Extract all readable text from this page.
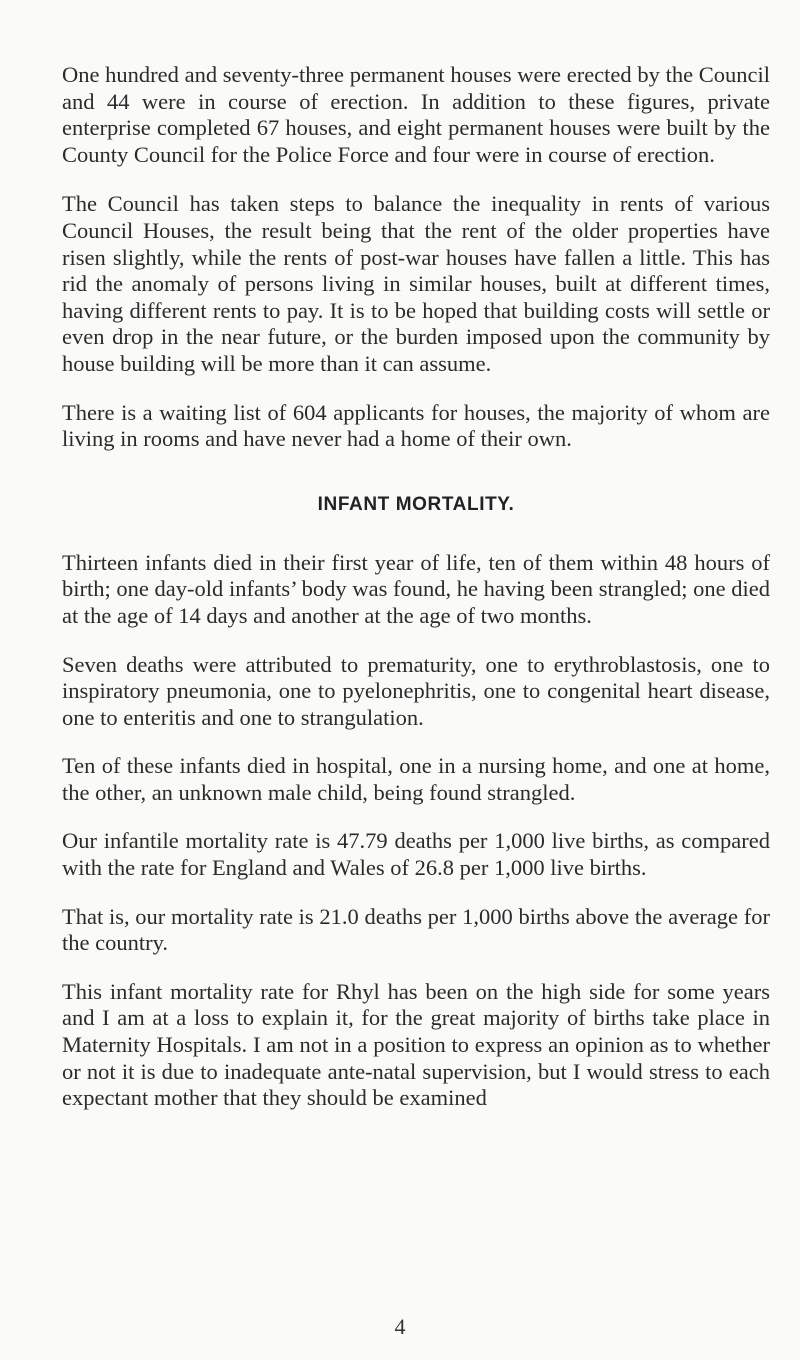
One hundred and seventy-three permanent houses were erected by the Council and 44 were in course of erection. In addition to these figures, private enterprise completed 67 houses, and eight permanent houses were built by the County Council for the Police Force and four were in course of erection.

The Council has taken steps to balance the inequality in rents of various Council Houses, the result being that the rent of the older properties have risen slightly, while the rents of post-war houses have fallen a little. This has rid the anomaly of persons living in similar houses, built at different times, having different rents to pay. It is to be hoped that building costs will settle or even drop in the near future, or the burden imposed upon the community by house building will be more than it can assume.

There is a waiting list of 604 applicants for houses, the majority of whom are living in rooms and have never had a home of their own.

INFANT MORTALITY.

Thirteen infants died in their first year of life, ten of them within 48 hours of birth; one day-old infants’ body was found, he having been strangled; one died at the age of 14 days and another at the age of two months.

Seven deaths were attributed to prematurity, one to erythroblastosis, one to inspiratory pneumonia, one to pyelonephritis, one to congenital heart disease, one to enteritis and one to strangulation.

Ten of these infants died in hospital, one in a nursing home, and one at home, the other, an unknown male child, being found strangled.

Our infantile mortality rate is 47.79 deaths per 1,000 live births, as compared with the rate for England and Wales of 26.8 per 1,000 live births.

That is, our mortality rate is 21.0 deaths per 1,000 births above the average for the country.

This infant mortality rate for Rhyl has been on the high side for some years and I am at a loss to explain it, for the great majority of births take place in Maternity Hospitals. I am not in a position to express an opinion as to whether or not it is due to inadequate ante-natal supervision, but I would stress to each expectant mother that they should be examined

4
